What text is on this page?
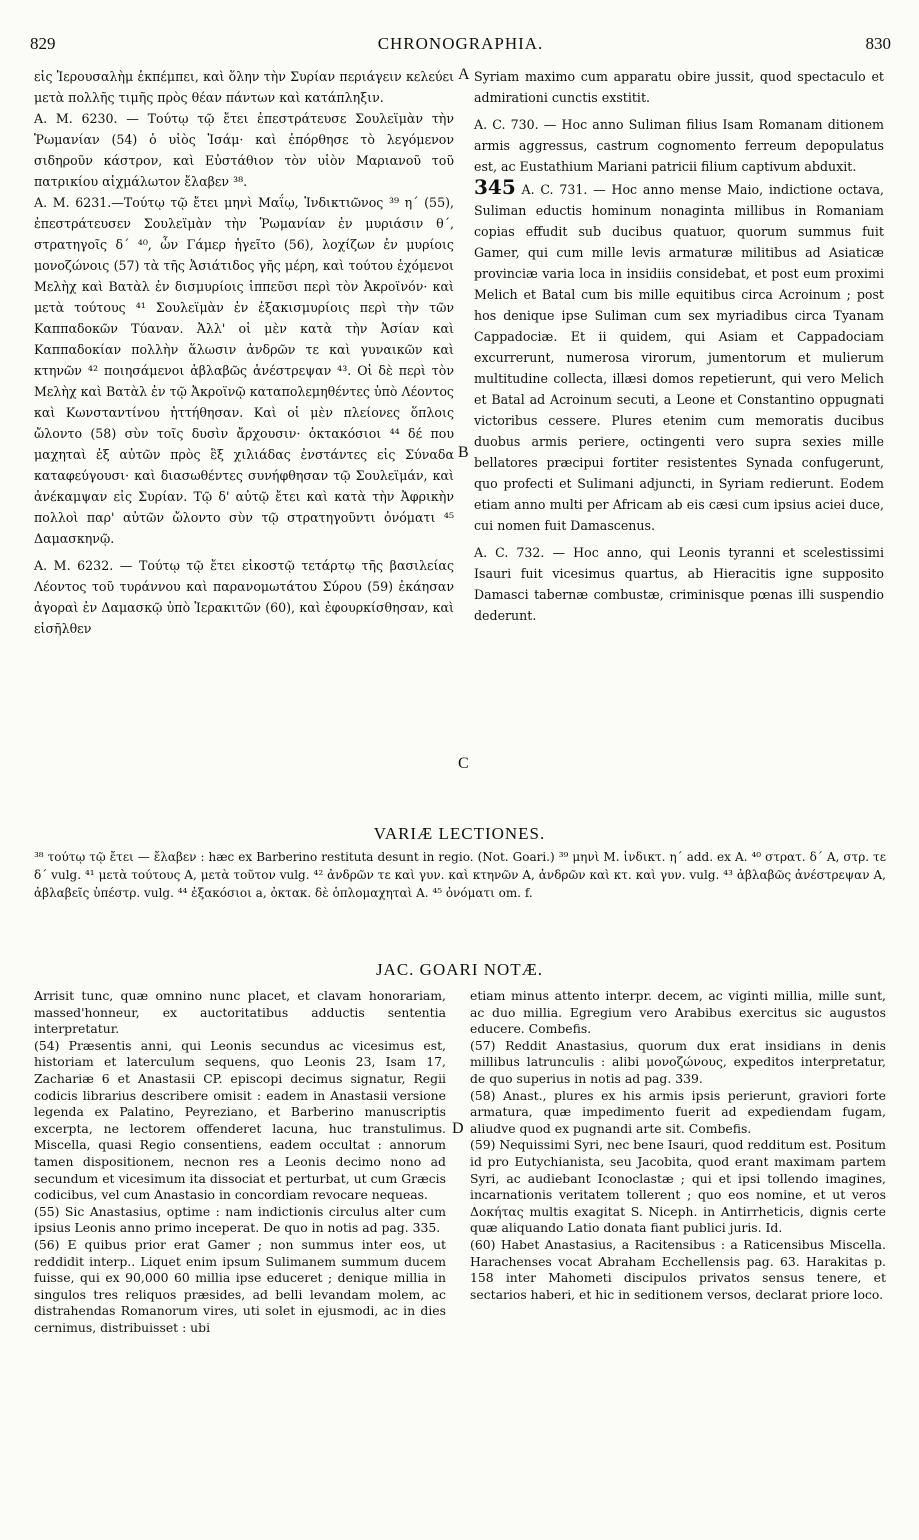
829	CHRONOGRAPHIA.	830

εἰς Ἱερουσαλὴμ ἐκπέμπει, καὶ ὅλην τὴν Συρίαν περιάγειν κελεύει μετὰ πολλῆς τιμῆς πρὸς θέαν πάντων καὶ κατάπληξιν.

A. M. 6230. — Τούτῳ τῷ ἔτει ἐπεστράτευσε Σουλεϊμὰν τὴν Ῥωμανίαν (54) ὁ υἱὸς Ἰσάμ· καὶ ἐπόρθησε τὸ λεγόμενον σιδηροῦν κάστρον, καὶ Εὐστάθιον τὸν υἱὸν Μαριανοῦ τοῦ πατρικίου αἰχμάλωτον ἔλαβεν ³⁸.

A. M. 6231.—Τούτῳ τῷ ἔτει μηνὶ Μαΐῳ, Ἰνδικτιῶνος ³⁹ η΄ (55), ἐπεστράτευσεν Σουλεϊμὰν τὴν Ῥωμανίαν ἐν μυριάσιν θ΄, στρατηγοῖς δ΄ ⁴⁰, ὧν Γάμερ ἡγεῖτο (56), λοχίζων ἐν μυρίοις μονοζώνοις (57) τὰ τῆς Ἀσιάτιδος γῆς μέρη, καὶ τούτου ἐχόμενοι Μελὴχ καὶ Βατὰλ ἐν δισμυρίοις ἱππεῦσι περὶ τὸν Ἀκροϊνόν· καὶ μετὰ τούτους ⁴¹ Σουλεϊμὰν ἐν ἑξακισμυρίοις περὶ τὴν τῶν Καππαδοκῶν Τύαναν. Ἀλλ' οἱ μὲν κατὰ τὴν Ἀσίαν καὶ Καππαδοκίαν πολλὴν ἅλωσιν ἀνδρῶν τε καὶ γυναικῶν καὶ κτηνῶν ⁴² ποιησάμενοι ἀβλαβῶς ἀνέστρεψαν ⁴³. Οἱ δὲ περὶ τὸν Μελὴχ καὶ Βατὰλ ἐν τῷ Ἀκροϊνῷ καταπολεμηθέντες ὑπὸ Λέοντος καὶ Κωνσταντίνου ἡττήθησαν. Καὶ οἱ μὲν πλείονες ὅπλοις ὤλοντο (58) σὺν τοῖς δυσὶν ἄρχουσιν· ὀκτακόσιοι ⁴⁴ δέ που μαχηταὶ ἐξ αὐτῶν πρὸς ἓξ χιλιάδας ἐνστάντες εἰς Σύναδα καταφεύγουσι· καὶ διασωθέντες συνήφθησαν τῷ Σουλεϊμάν, καὶ ἀνέκαμψαν εἰς Συρίαν. Τῷ δ' αὐτῷ ἔτει καὶ κατὰ τὴν Ἀφρικὴν πολλοὶ παρ' αὐτῶν ὤλοντο σὺν τῷ στρατηγοῦντι ὀνόματι ⁴⁵ Δαμασκηνῷ.

A. M. 6232. — Τούτῳ τῷ ἔτει εἰκοστῷ τετάρτῳ τῆς βασιλείας Λέοντος τοῦ τυράννου καὶ παρανομωτάτου Σύρου (59) ἐκάησαν ἀγοραὶ ἐν Δαμασκῷ ὑπὸ Ἱερακιτῶν (60), καὶ ἐφουρκίσθησαν, καὶ εἰσῆλθεν

A
B
C
D

Syriam maximo cum apparatu obire jussit, quod spectaculo et admirationi cunctis exstitit.

A. C. 730. — Hoc anno Suliman filius Isam Romanam ditionem armis aggressus, castrum cognomento ferreum depopulatus est, ac Eustathium Mariani patricii filium captivum abduxit.

345 A. C. 731. — Hoc anno mense Maio, indictione octava, Suliman eductis hominum nonaginta millibus in Romaniam copias effudit sub ducibus quatuor, quorum summus fuit Gamer, qui cum mille levis armaturæ militibus ad Asiaticæ provinciæ varia loca in insidiis considebat, et post eum proximi Melich et Batal cum bis mille equitibus circa Acroinum ; post hos denique ipse Suliman cum sex myriadibus circa Tyanam Cappadociæ. Et ii quidem, qui Asiam et Cappadociam excurrerunt, numerosa virorum, jumentorum et mulierum multitudine collecta, illæsi domos repetierunt, qui vero Melich et Batal ad Acroinum secuti, a Leone et Constantino oppugnati victoribus cessere. Plures etenim cum memoratis ducibus duobus armis periere, octingenti vero supra sexies mille bellatores præcipui fortiter resistentes Synada confugerunt, quo profecti et Sulimani adjuncti, in Syriam redierunt. Eodem etiam anno multi per Africam ab eis cæsi cum ipsius aciei duce, cui nomen fuit Damascenus.

A. C. 732. — Hoc anno, qui Leonis tyranni et scelestissimi Isauri fuit vicesimus quartus, ab Hieracitis igne supposito Damasci tabernæ combustæ, criminisque pœnas illi suspendio dederunt.

VARIÆ LECTIONES.
³⁸ τούτῳ τῷ ἔτει — ἔλαβεν : hæc ex Barberino restituta desunt in regio. (Not. Goari.) ³⁹ μηνὶ M. ἰνδικτ. η΄ add. ex A. ⁴⁰ στρατ. δ΄ A, στρ. τε δ΄ vulg. ⁴¹ μετὰ τούτους A, μετὰ τοῦτον vulg. ⁴² ἀνδρῶν τε καὶ γυν. καὶ κτηνῶν A, ἀνδρῶν καὶ κτ. καὶ γυν. vulg. ⁴³ ἀβλαβῶς ἀνέστρεψαν A, ἀβλαβεῖς ὑπέστρ. vulg. ⁴⁴ ἐξακόσιοι a, ὀκτακ. δὲ ὁπλομαχηταὶ A. ⁴⁵ ὀνόματι om. f.
JAC. GOARI NOTÆ.

Arrisit tunc, quæ omnino nunc placet, et clavam honorariam, massed'honneur, ex auctoritatibus adductis sententia interpretatur.

(54) Præsentis anni, qui Leonis secundus ac vicesimus est, historiam et laterculum sequens, quo Leonis 23, Isam 17, Zachariæ 6 et Anastasii CP. episcopi decimus signatur, Regii codicis librarius describere omisit : eadem in Anastasii versione legenda ex Palatino, Peyreziano, et Barberino manuscriptis excerpta, ne lectorem offenderet lacuna, huc transtulimus. Miscella, quasi Regio consentiens, eadem occultat : annorum tamen dispositionem, necnon res a Leonis decimo nono ad secundum et vicesimum ita dissociat et perturbat, ut cum Græcis codicibus, vel cum Anastasio in concordiam revocare nequeas.

(55) Sic Anastasius, optime : nam indictionis circulus alter cum ipsius Leonis anno primo inceperat. De quo in notis ad pag. 335.

(56) E quibus prior erat Gamer ; non summus inter eos, ut reddidit interp.. Liquet enim ipsum Sulimanem summum ducem fuisse, qui ex 90,000 60 millia ipse educeret ; denique millia in singulos tres reliquos præsides, ad belli levandam molem, ac distrahendas Romanorum vires, uti solet in ejusmodi, ac in dies cernimus, distribuisset : ubi

etiam minus attento interpr. decem, ac viginti millia, mille sunt, ac duo millia. Egregium vero Arabibus exercitus sic augustos educere. Combefis.

(57) Reddit Anastasius, quorum dux erat insidians in denis millibus latrunculis : alibi μονοζώνους, expeditos interpretatur, de quo superius in notis ad pag. 339.

(58) Anast., plures ex his armis ipsis perierunt, graviori forte armatura, quæ impedimento fuerit ad expediendam fugam, aliudve quod ex pugnandi arte sit. Combefis.

(59) Nequissimi Syri, nec bene Isauri, quod redditum est. Positum id pro Eutychianista, seu Jacobita, quod erant maximam partem Syri, ac audiebant Iconoclastæ ; qui et ipsi tollendo imagines, incarnationis veritatem tollerent ; quo eos nomine, et ut veros Δοκήτας multis exagitat S. Niceph. in Antirrheticis, dignis certe quæ aliquando Latio donata fiant publici juris. Id.

(60) Habet Anastasius, a Racitensibus : a Raticensibus Miscella. Harachenses vocat Abraham Ecchellensis pag. 63. Harakitas p. 158 inter Mahometi discipulos privatos sensus tenere, et sectarios haberi, et hic in seditionem versos, declarat priore loco.
